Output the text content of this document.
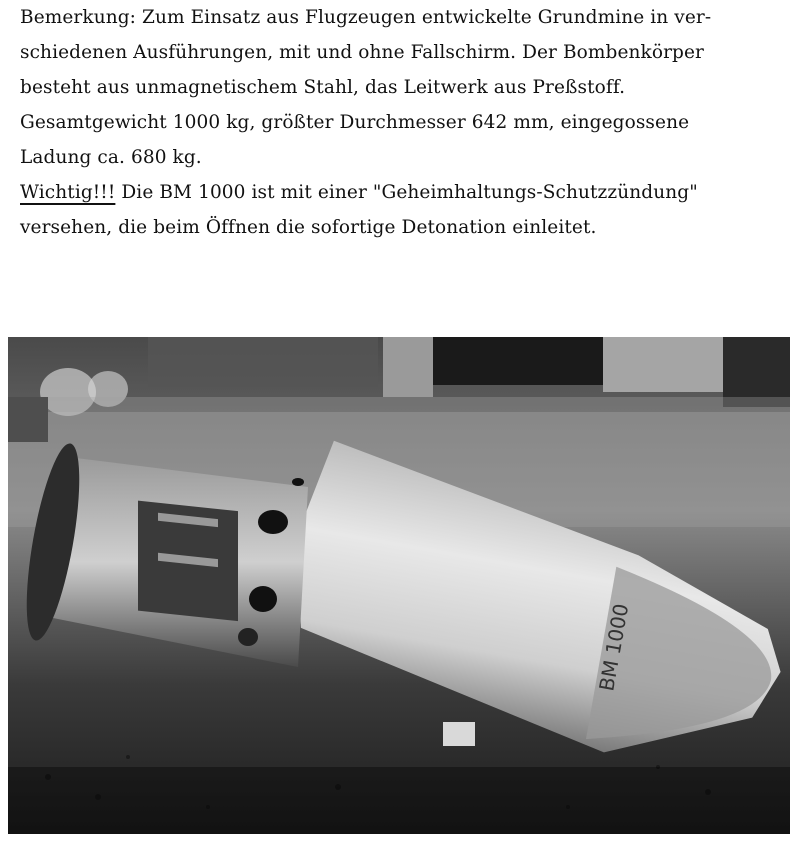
Bemerkung: Zum Einsatz aus Flugzeugen entwickelte Grundmine in ver-
schiedenen Ausführungen, mit und ohne Fallschirm. Der Bombenkörper
besteht aus unmagnetischem Stahl, das Leitwerk aus Preßstoff.
Gesamtgewicht 1000 kg, größter Durchmesser 642 mm, eingegossene
Ladung ca. 680 kg.
Wichtig!!! Die BM 1000 ist mit einer "Geheimhaltungs-Schutzzündung"
versehen, die beim Öffnen die sofortige Detonation einleitet.
BM 1000
